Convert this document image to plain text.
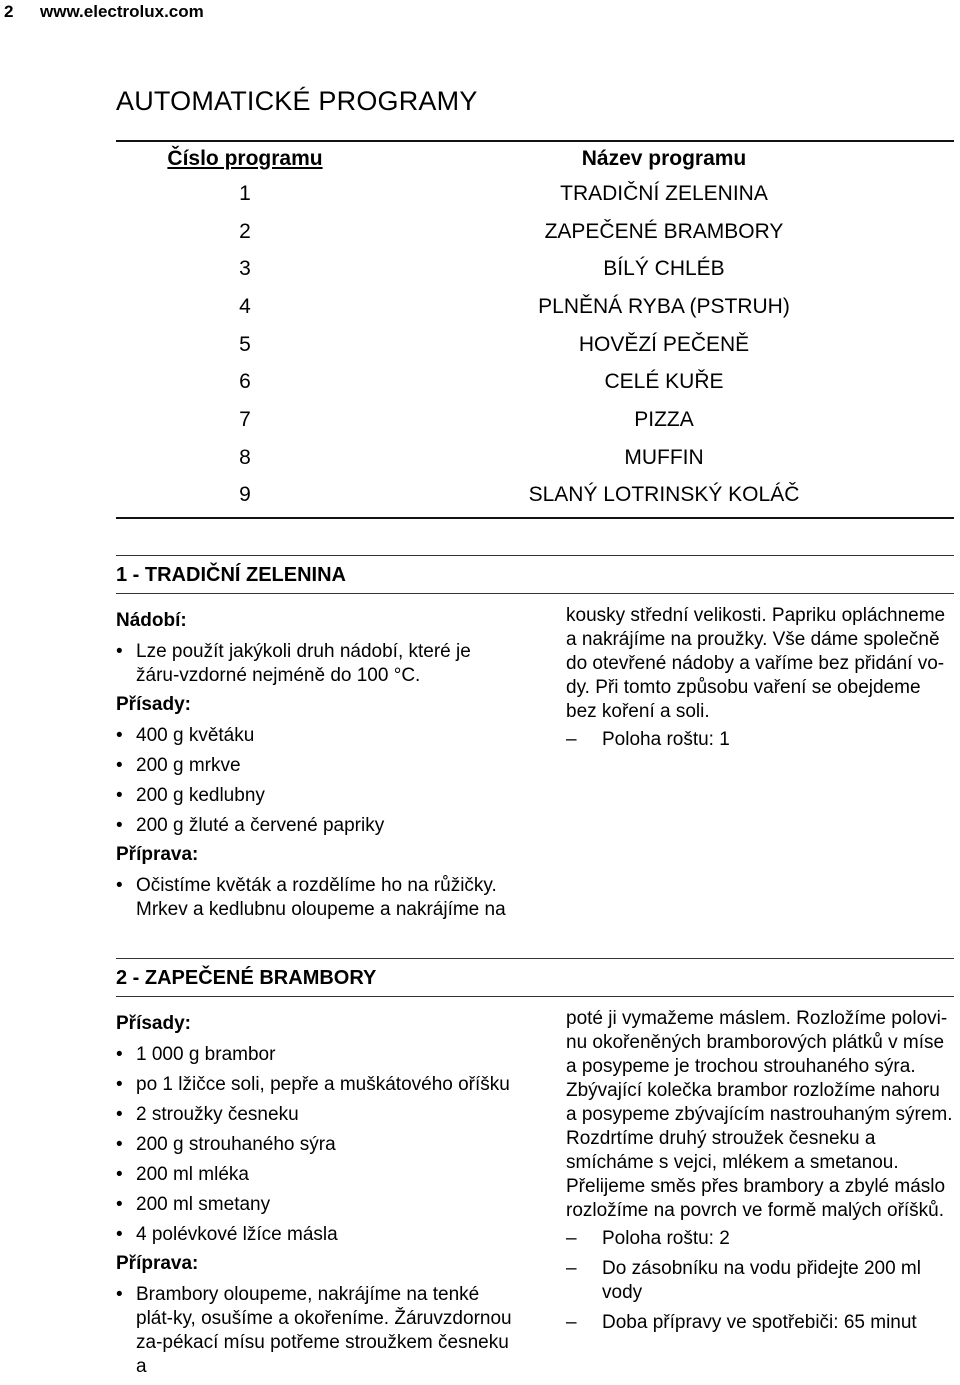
2 www.electrolux.com
AUTOMATICKÉ PROGRAMY
Číslo programu	Název programu
1	TRADIČNÍ ZELENINA
2	ZAPEČENÉ BRAMBORY
3	BÍLÝ CHLÉB
4	PLNĚNÁ RYBA (PSTRUH)
5	HOVĚZÍ PEČENĚ
6	CELÉ KUŘE
7	PIZZA
8	MUFFIN
9	SLANÝ LOTRINSKÝ KOLÁČ
1 - TRADIČNÍ ZELENINA
Nádobí:
• Lze použít jakýkoli druh nádobí, které je žáru-vzdorné nejméně do 100 °C.
Přísady:
• 400 g květáku
• 200 g mrkve
• 200 g kedlubny
• 200 g žluté a červené papriky
Příprava:
• Očistíme květák a rozdělíme ho na růžičky. Mrkev a kedlubnu oloupeme a nakrájíme na
kousky střední velikosti. Papriku opláchneme a nakrájíme na proužky. Vše dáme společně do otevřené nádoby a vaříme bez přidání vo-dy. Při tomto způsobu vaření se obejdeme bez koření a soli.
– Poloha roštu: 1
2 - ZAPEČENÉ BRAMBORY
Přísady:
• 1 000 g brambor
• po 1 lžičce soli, pepře a muškátového oříšku
• 2 stroužky česneku
• 200 g strouhaného sýra
• 200 ml mléka
• 200 ml smetany
• 4 polévkové lžíce másla
Příprava:
• Brambory oloupeme, nakrájíme na tenké plát-ky, osušíme a okořeníme. Žáruvzdornou za-pékací mísu potřeme stroužkem česneku a
poté ji vymažeme máslem. Rozložíme polovi-nu okořeněných bramborových plátků v míse a posypeme je trochou strouhaného sýra. Zbývající kolečka brambor rozložíme nahoru a posypeme zbývajícím nastrouhaným sýrem. Rozdrtíme druhý stroužek česneku a smícháme s vejci, mlékem a smetanou. Přelijeme směs přes brambory a zbylé máslo rozložíme na povrch ve formě malých oříšků.
– Poloha roštu: 2
– Do zásobníku na vodu přidejte 200 ml vody
– Doba přípravy ve spotřebiči: 65 minut
